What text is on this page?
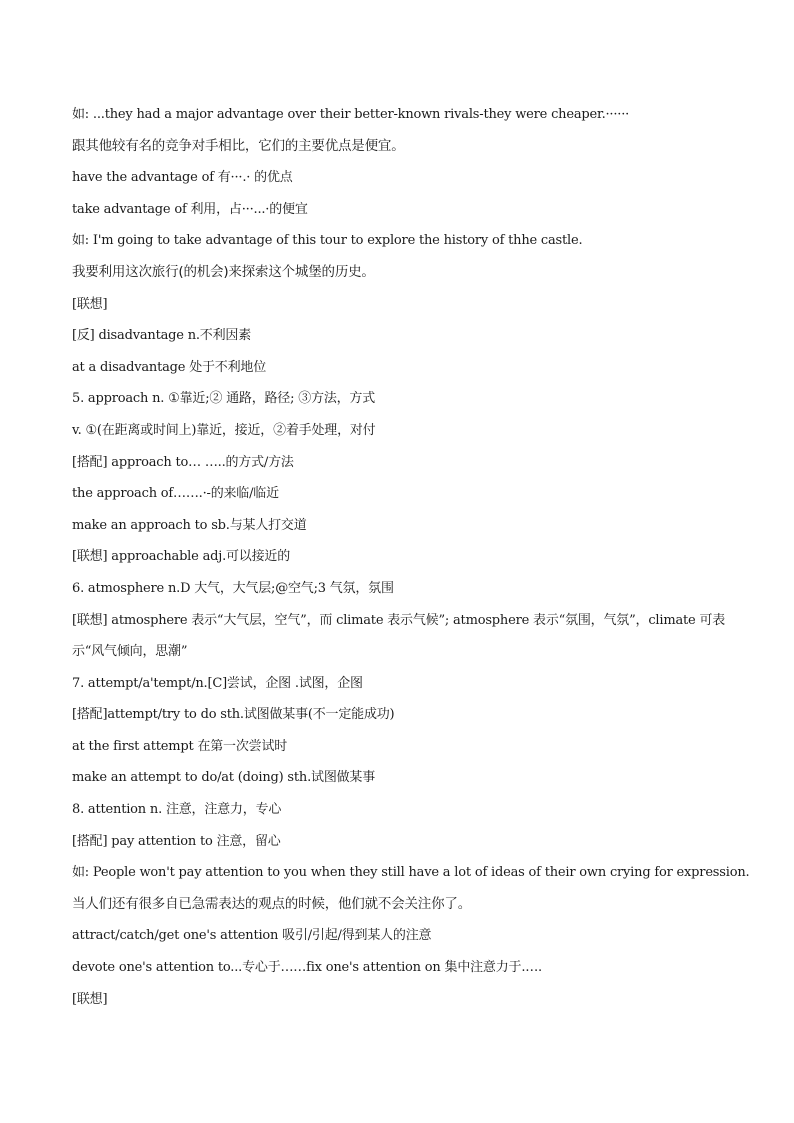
如: ...they had a major advantage over their better-known rivals-they were cheaper.······
跟其他较有名的竞争对手相比，它们的主要优点是便宜。
have the advantage of 有···.· 的优点
take advantage of 利用，占···...·的便宜
如: I'm going to take advantage of this tour to explore the history of thhe castle.
我要利用这次旅行(的机会)来探索这个城堡的历史。
[联想]
[反] disadvantage n.不利因素
at a disadvantage 处于不利地位
5. approach n. ①靠近;② 通路，路径; ③方法，方式
v. ①(在距离或时间上)靠近，接近，②着手处理，对付
[搭配] approach to… …..的方式/方法
the approach of…….·-的来临/临近
make an approach to sb.与某人打交道
[联想] approachable adj.可以接近的
6. atmosphere n.D 大气，大气层;@空气;3 气氛，氛围
[联想] atmosphere 表示“大气层，空气”，而 climate 表示气候”; atmosphere 表示“氛围，气氛”，climate 可表示“风气倾向，思潮”
7. attempt/a'tempt/n.[C]尝试，企图 .试图，企图
[搭配]attempt/try to do sth.试图做某事(不一定能成功)
at the first attempt 在第一次尝试时
make an attempt to do/at (doing) sth.试图做某事
8. attention n. 注意，注意力，专心
[搭配] pay attention to 注意，留心
如: People won't pay attention to you when they still have a lot of ideas of their own crying for expression.
当人们还有很多自已急需表达的观点的时候，他们就不会关注你了。
attract/catch/get one's attention 吸引/引起/得到某人的注意
devote one's attention to...专心于……fix one's attention on 集中注意力于.….
[联想]
